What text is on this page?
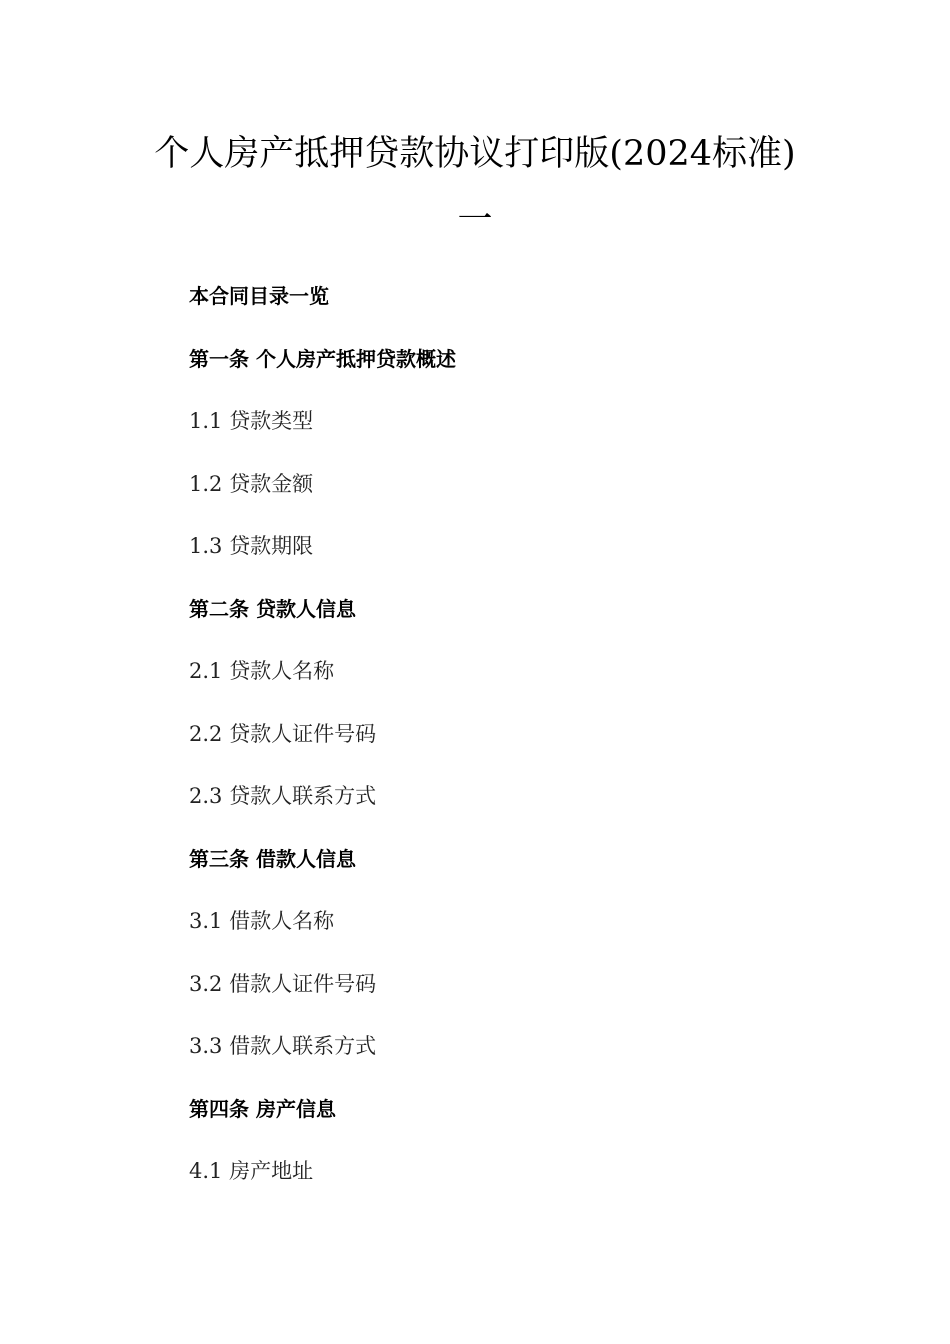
个人房产抵押贷款协议打印版(2024标准)
一
本合同目录一览
第一条 个人房产抵押贷款概述
1.1 贷款类型
1.2 贷款金额
1.3 贷款期限
第二条 贷款人信息
2.1 贷款人名称
2.2 贷款人证件号码
2.3 贷款人联系方式
第三条 借款人信息
3.1 借款人名称
3.2 借款人证件号码
3.3 借款人联系方式
第四条 房产信息
4.1 房产地址
